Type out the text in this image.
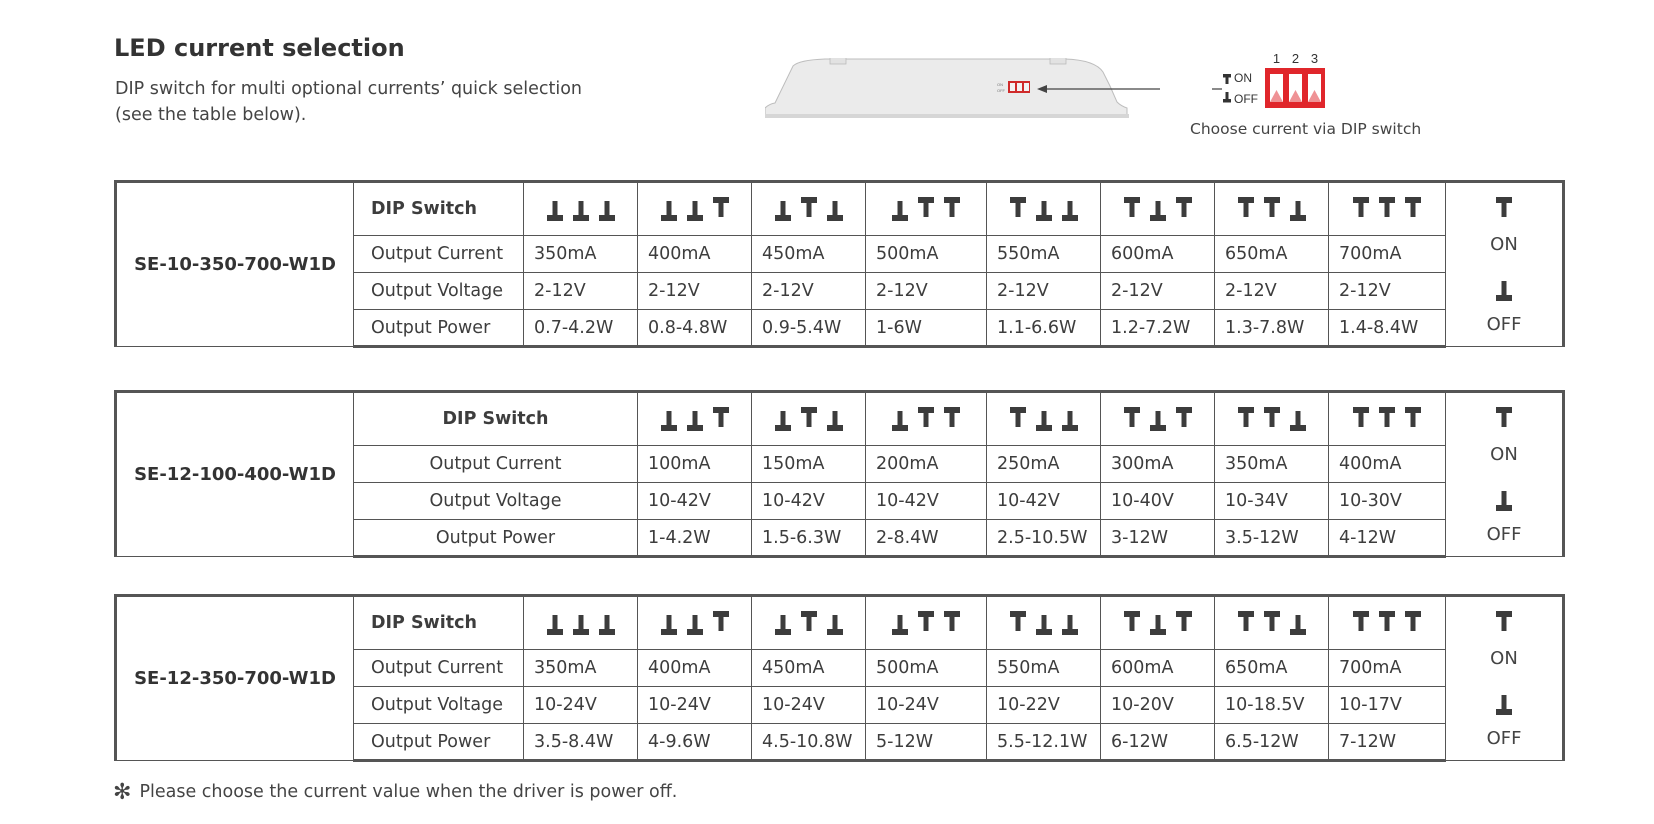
LED current selection
DIP switch for multi optional currents’ quick selection
(see the table below).
ON
OFF
ON
OFF
1 2 3
Choose current via DIP switch
SE-10-350-700-W1D	DIP Switch									ON
OFF

	Output Current	350mA	400mA	450mA	500mA	550mA	600mA	650mA	700mA	
	Output Voltage	2-12V	2-12V	2-12V	2-12V	2-12V	2-12V	2-12V	2-12V	
	Output Power	0.7-4.2W	0.8-4.8W	0.9-5.4W	1-6W	1.1-6.6W	1.2-7.2W	1.3-7.8W	1.4-8.4W	
SE-12-100-400-W1D	DIP Switch								ON
OFF

	Output Current	100mA	150mA	200mA	250mA	300mA	350mA	400mA	
	Output Voltage	10-42V	10-42V	10-42V	10-42V	10-40V	10-34V	10-30V	
	Output Power	1-4.2W	1.5-6.3W	2-8.4W	2.5-10.5W	3-12W	3.5-12W	4-12W	
SE-12-350-700-W1D	DIP Switch									ON
OFF

	Output Current	350mA	400mA	450mA	500mA	550mA	600mA	650mA	700mA	
	Output Voltage	10-24V	10-24V	10-24V	10-24V	10-22V	10-20V	10-18.5V	10-17V	
	Output Power	3.5-8.4W	4-9.6W	4.5-10.8W	5-12W	5.5-12.1W	6-12W	6.5-12W	7-12W	
✻ Please choose the current value when the driver is power off.
